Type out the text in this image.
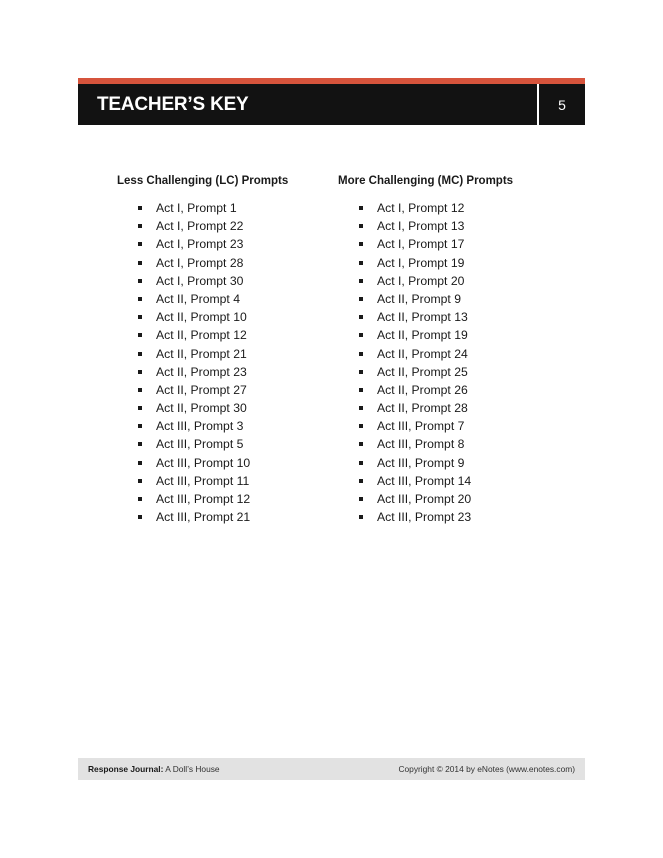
TEACHER’S KEY	5
Less Challenging (LC) Prompts
Act I, Prompt 1
Act I, Prompt 22
Act I, Prompt 23
Act I, Prompt 28
Act I, Prompt 30
Act II, Prompt 4
Act II, Prompt 10
Act II, Prompt 12
Act II, Prompt 21
Act II, Prompt 23
Act II, Prompt 27
Act II, Prompt 30
Act III, Prompt 3
Act III, Prompt 5
Act III, Prompt 10
Act III, Prompt 11
Act III, Prompt 12
Act III, Prompt 21
More Challenging (MC) Prompts
Act I, Prompt 12
Act I, Prompt 13
Act I, Prompt 17
Act I, Prompt 19
Act I, Prompt 20
Act II, Prompt 9
Act II, Prompt 13
Act II, Prompt 19
Act II, Prompt 24
Act II, Prompt 25
Act II, Prompt 26
Act II, Prompt 28
Act III, Prompt 7
Act III, Prompt 8
Act III, Prompt 9
Act III, Prompt 14
Act III, Prompt 20
Act III, Prompt 23
Response Journal: A Doll’s House	Copyright © 2014 by eNotes (www.enotes.com)
